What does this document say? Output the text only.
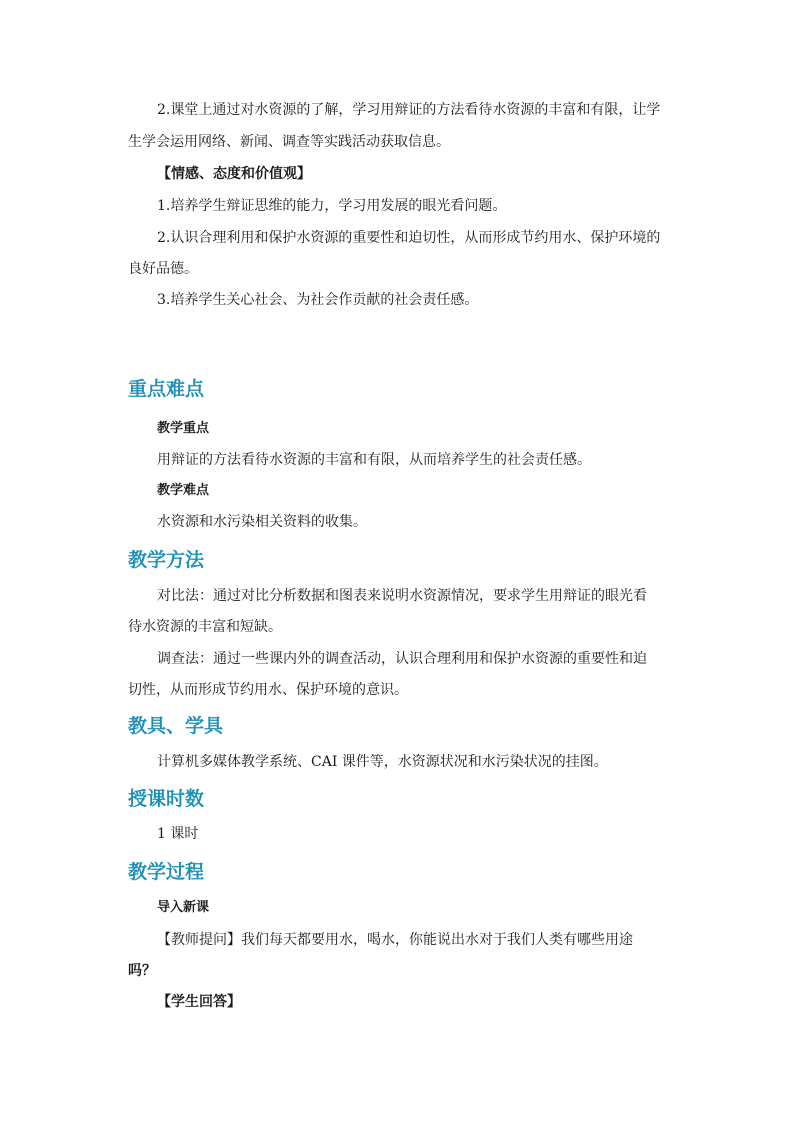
2.课堂上通过对水资源的了解，学习用辩证的方法看待水资源的丰富和有限，让学
生学会运用网络、新闻、调查等实践活动获取信息。
【情感、态度和价值观】
1.培养学生辩证思维的能力，学习用发展的眼光看问题。
2.认识合理利用和保护水资源的重要性和迫切性，从而形成节约用水、保护环境的
良好品德。
3.培养学生关心社会、为社会作贡献的社会责任感。
重点难点
教学重点
用辩证的方法看待水资源的丰富和有限，从而培养学生的社会责任感。
教学难点
水资源和水污染相关资料的收集。
教学方法
对比法：通过对比分析数据和图表来说明水资源情况，要求学生用辩证的眼光看
待水资源的丰富和短缺。
调查法：通过一些课内外的调查活动，认识合理利用和保护水资源的重要性和迫
切性，从而形成节约用水、保护环境的意识。
教具、学具
计算机多媒体教学系统、CAI 课件等，水资源状况和水污染状况的挂图。
授课时数
1 课时
教学过程
导入新课
【教师提问】我们每天都要用水，喝水，你能说出水对于我们人类有哪些用途
吗？
【学生回答】
